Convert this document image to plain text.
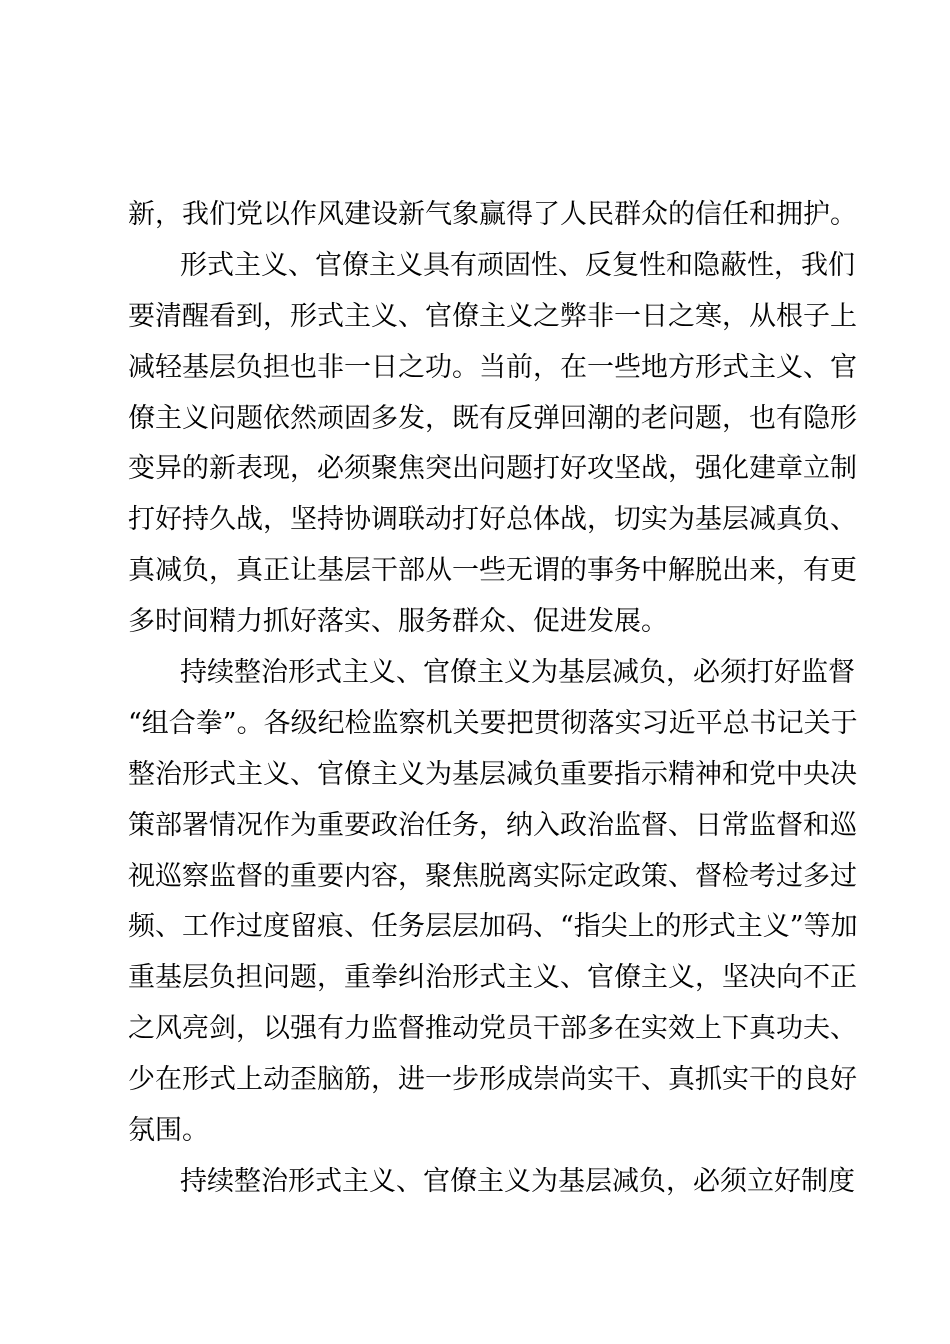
新，我们党以作风建设新气象赢得了人民群众的信任和拥护。
形式主义、官僚主义具有顽固性、反复性和隐蔽性，我们
要清醒看到，形式主义、官僚主义之弊非一日之寒，从根子上
减轻基层负担也非一日之功。当前，在一些地方形式主义、官
僚主义问题依然顽固多发，既有反弹回潮的老问题，也有隐形
变异的新表现，必须聚焦突出问题打好攻坚战，强化建章立制
打好持久战，坚持协调联动打好总体战，切实为基层减真负、
真减负，真正让基层干部从一些无谓的事务中解脱出来，有更
多时间精力抓好落实、服务群众、促进发展。
持续整治形式主义、官僚主义为基层减负，必须打好监督
“组合拳”。各级纪检监察机关要把贯彻落实习近平总书记关于
整治形式主义、官僚主义为基层减负重要指示精神和党中央决
策部署情况作为重要政治任务，纳入政治监督、日常监督和巡
视巡察监督的重要内容，聚焦脱离实际定政策、督检考过多过
频、工作过度留痕、任务层层加码、“指尖上的形式主义”等加
重基层负担问题，重拳纠治形式主义、官僚主义，坚决向不正
之风亮剑，以强有力监督推动党员干部多在实效上下真功夫、
少在形式上动歪脑筋，进一步形成崇尚实干、真抓实干的良好
氛围。
持续整治形式主义、官僚主义为基层减负，必须立好制度
